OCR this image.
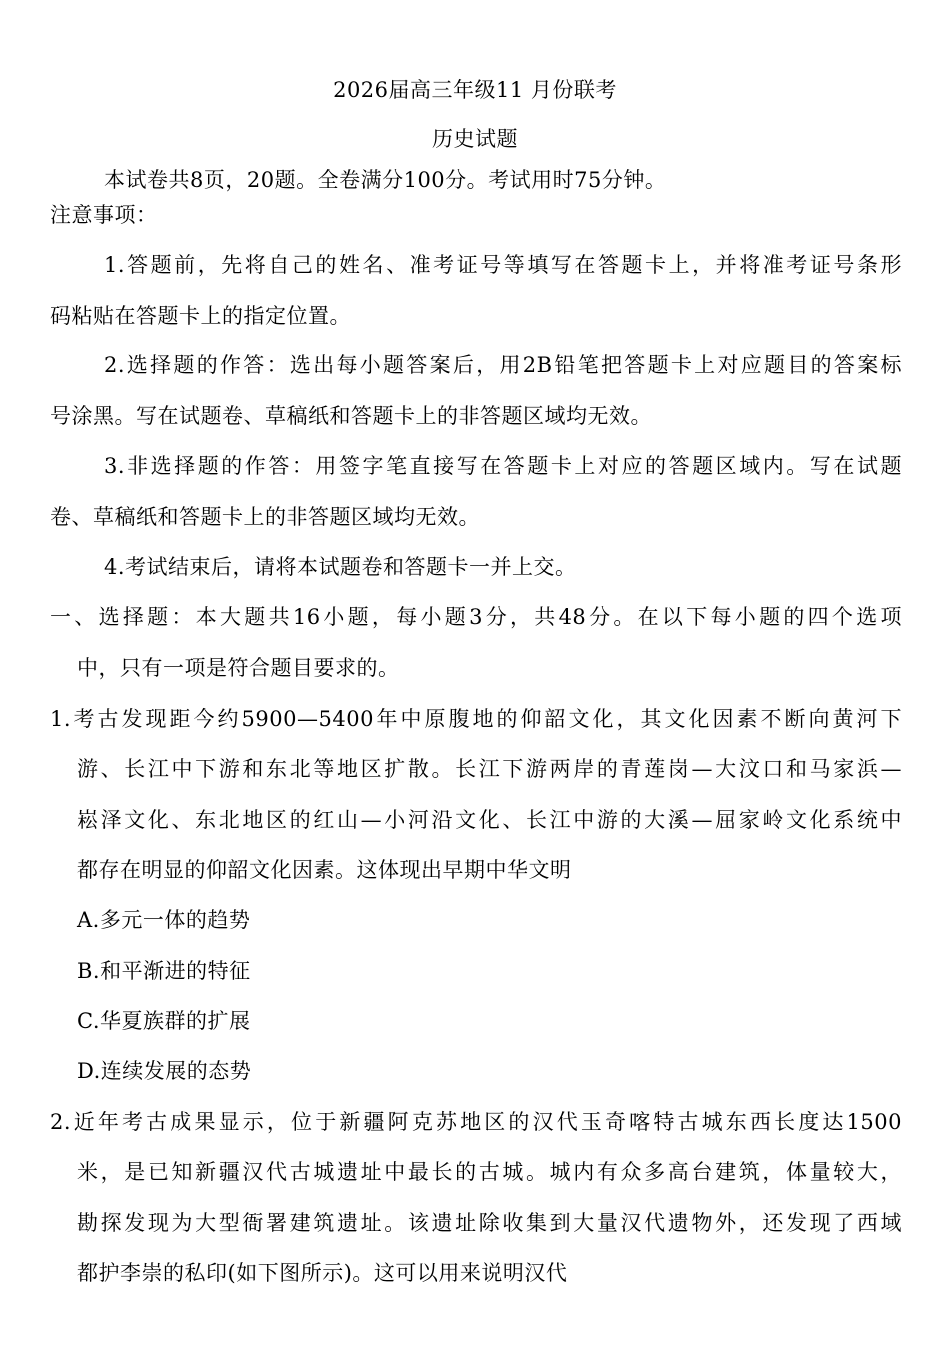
2026届高三年级11 月份联考
历史试题
本试卷共8页，20题。全卷满分100分。考试用时75分钟。
注意事项：
1.答题前，先将自己的姓名、准考证号等填写在答题卡上，并将准考证号条形
码粘贴在答题卡上的指定位置。
2.选择题的作答：选出每小题答案后，用2B铅笔把答题卡上对应题目的答案标
号涂黑。写在试题卷、草稿纸和答题卡上的非答题区域均无效。
3.非选择题的作答：用签字笔直接写在答题卡上对应的答题区域内。写在试题
卷、草稿纸和答题卡上的非答题区域均无效。
4.考试结束后，请将本试题卷和答题卡一并上交。
一、选择题：本大题共16小题，每小题3分，共48分。在以下每小题的四个选项
中，只有一项是符合题目要求的。
1.考古发现距今约5900—5400年中原腹地的仰韶文化，其文化因素不断向黄河下
游、长江中下游和东北等地区扩散。长江下游两岸的青莲岗—大汶口和马家浜—
崧泽文化、东北地区的红山—小河沿文化、长江中游的大溪—屈家岭文化系统中
都存在明显的仰韶文化因素。这体现出早期中华文明
A.多元一体的趋势
B.和平渐进的特征
C.华夏族群的扩展
D.连续发展的态势
2.近年考古成果显示，位于新疆阿克苏地区的汉代玉奇喀特古城东西长度达1500
米，是已知新疆汉代古城遗址中最长的古城。城内有众多高台建筑，体量较大，
勘探发现为大型衙署建筑遗址。该遗址除收集到大量汉代遗物外，还发现了西域
都护李崇的私印(如下图所示)。这可以用来说明汉代
